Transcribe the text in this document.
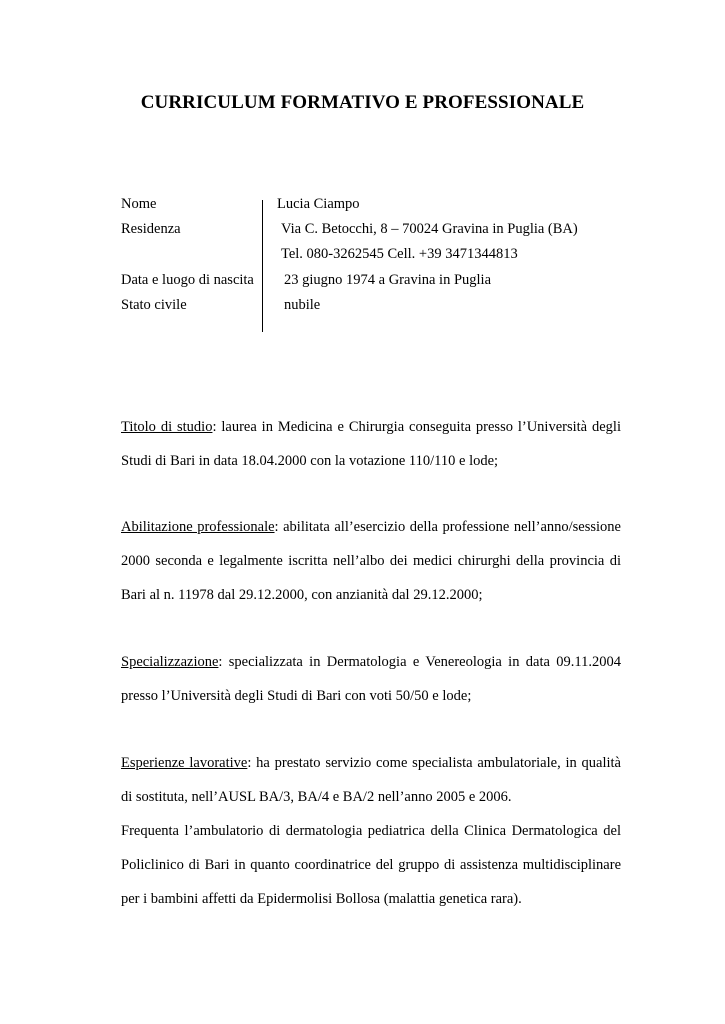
CURRICULUM FORMATIVO E PROFESSIONALE
Nome	Lucia Ciampo
Residenza	Via C. Betocchi, 8 – 70024 Gravina in Puglia (BA)
Tel. 080-3262545 Cell. +39 3471344813
Data e luogo di nascita 23 giugno 1974 a Gravina in Puglia
Stato civile	nubile
Titolo di studio: laurea in Medicina e Chirurgia conseguita presso l’Università degli
Studi di Bari in data 18.04.2000 con la votazione 110/110 e lode;
Abilitazione professionale: abilitata all’esercizio della professione nell’anno/sessione
2000 seconda e legalmente iscritta nell’albo dei medici chirurghi della provincia di
Bari al n. 11978 dal 29.12.2000, con anzianità dal 29.12.2000;
Specializzazione: specializzata in Dermatologia e Venereologia in data 09.11.2004
presso l’Università degli Studi di Bari con voti 50/50 e lode;
Esperienze lavorative: ha prestato servizio come specialista ambulatoriale, in qualità
di sostituta, nell’AUSL BA/3, BA/4 e BA/2 nell’anno 2005 e 2006.
Frequenta l’ambulatorio di dermatologia pediatrica della Clinica Dermatologica del
Policlinico di Bari in quanto coordinatrice del gruppo di assistenza multidisciplinare
per i bambini affetti da Epidermolisi Bollosa (malattia genetica rara).
